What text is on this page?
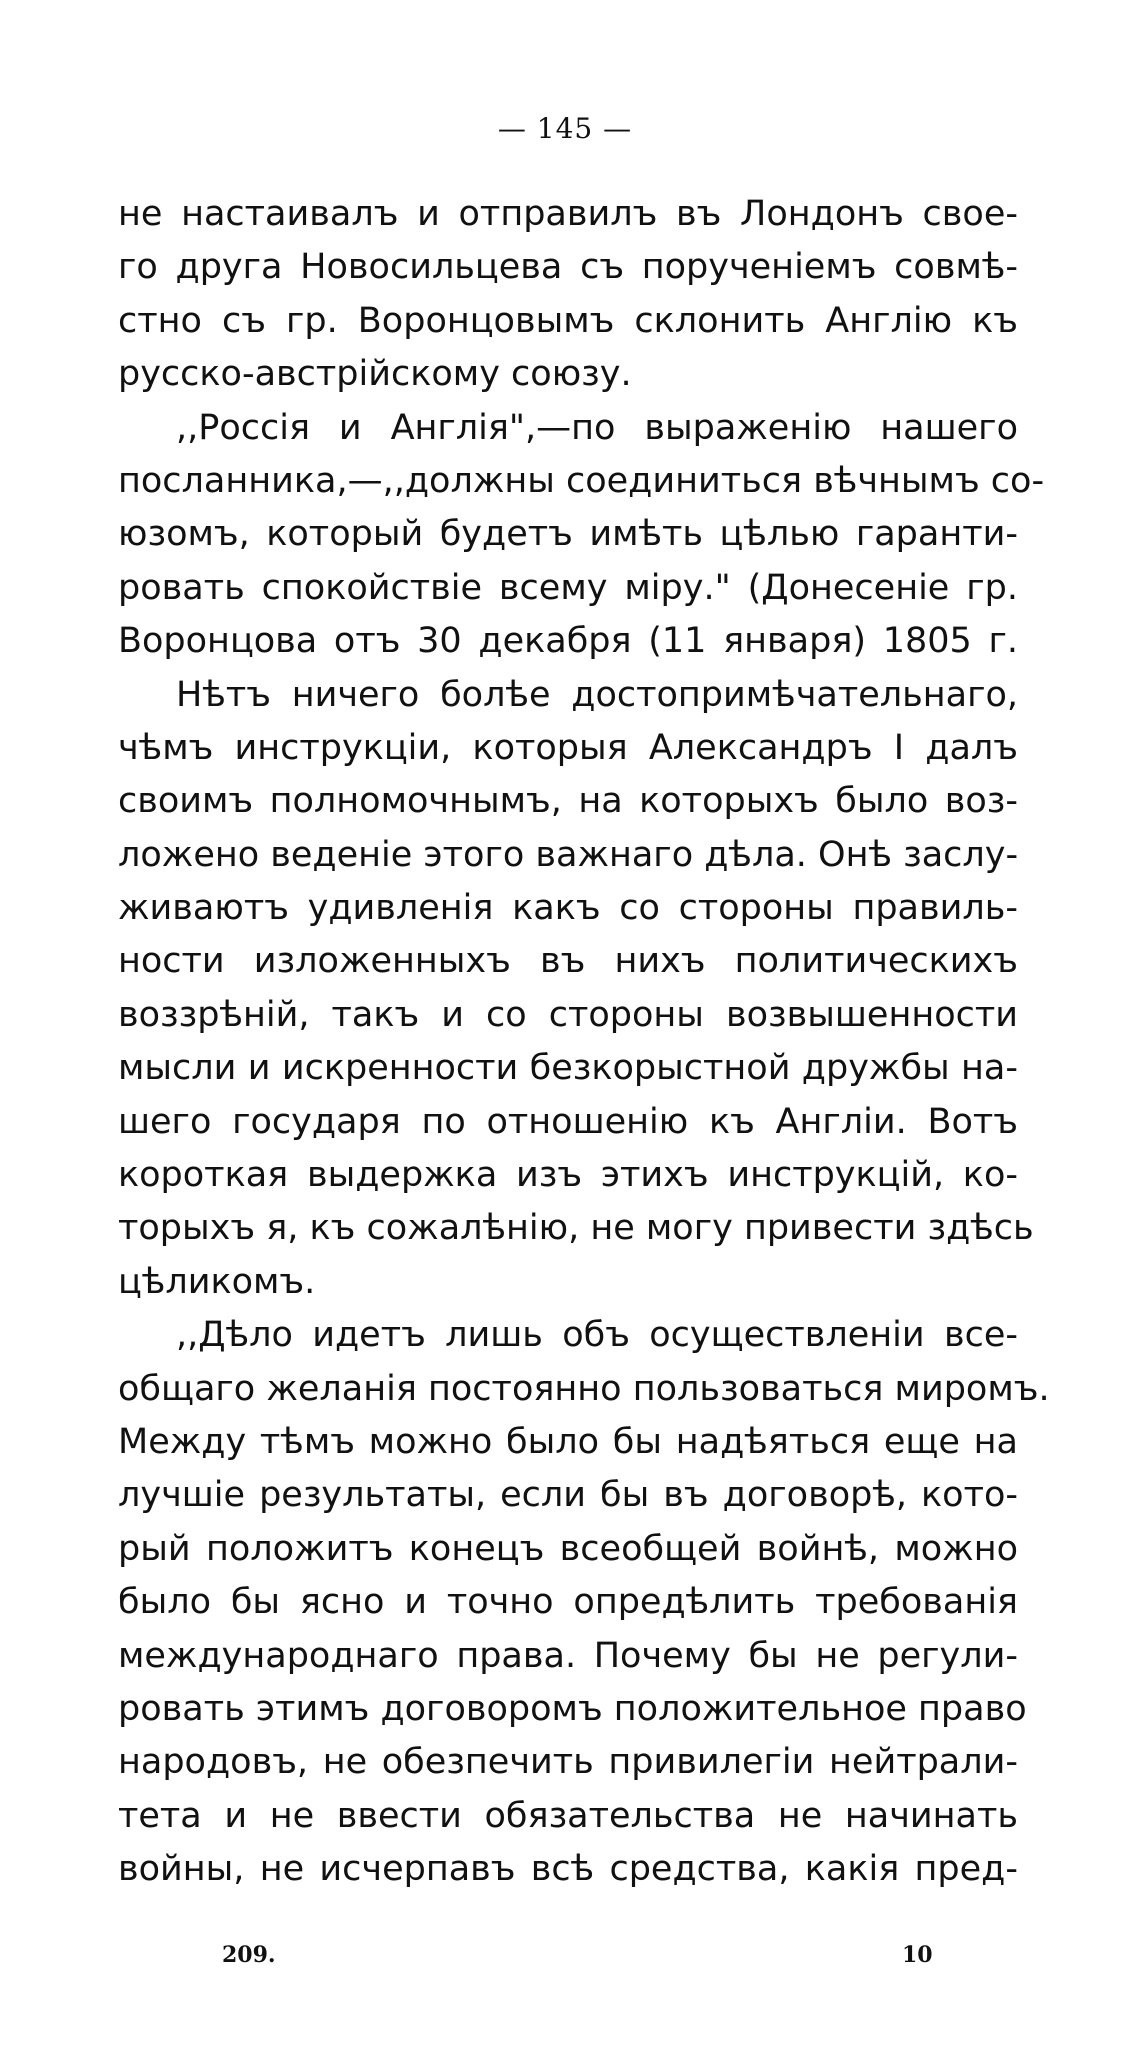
— 145 —
не настаивалъ и отправилъ въ Лондонъ свое-
го друга Новосильцева съ порученіемъ совмѣ-
стно съ гр. Воронцовымъ склонить Англію къ
русско-австрійскому союзу.
,,Россія и Англія",—по выраженію нашего
посланника,—,,должны соединиться вѣчнымъ со-
юзомъ, который будетъ имѣть цѣлью гаранти-
ровать спокойствіе всему міру." (Донесеніе гр.
Воронцова отъ 30 декабря (11 января) 1805 г.
Нѣтъ ничего болѣе достопримѣчательнаго,
чѣмъ инструкціи, которыя Александръ I далъ
своимъ полномочнымъ, на которыхъ было воз-
ложено веденіе этого важнаго дѣла. Онѣ заслу-
живаютъ удивленія какъ со стороны правиль-
ности изложенныхъ въ нихъ политическихъ
воззрѣній, такъ и со стороны возвышенности
мысли и искренности безкорыстной дружбы на-
шего государя по отношенію къ Англіи. Вотъ
короткая выдержка изъ этихъ инструкцій, ко-
торыхъ я, къ сожалѣнію, не могу привести здѣсь
цѣликомъ.
,,Дѣло идетъ лишь объ осуществленіи все-
общаго желанія постоянно пользоваться миромъ.
Между тѣмъ можно было бы надѣяться еще на
лучшіе результаты, если бы въ договорѣ, кото-
рый положитъ конецъ всеобщей войнѣ, можно
было бы ясно и точно опредѣлить требованія
международнаго права. Почему бы не регули-
ровать этимъ договоромъ положительное право
народовъ, не обезпечить привилегіи нейтрали-
тета и не ввести обязательства не начинать
войны, не исчерпавъ всѣ средства, какія пред-
209.	10
